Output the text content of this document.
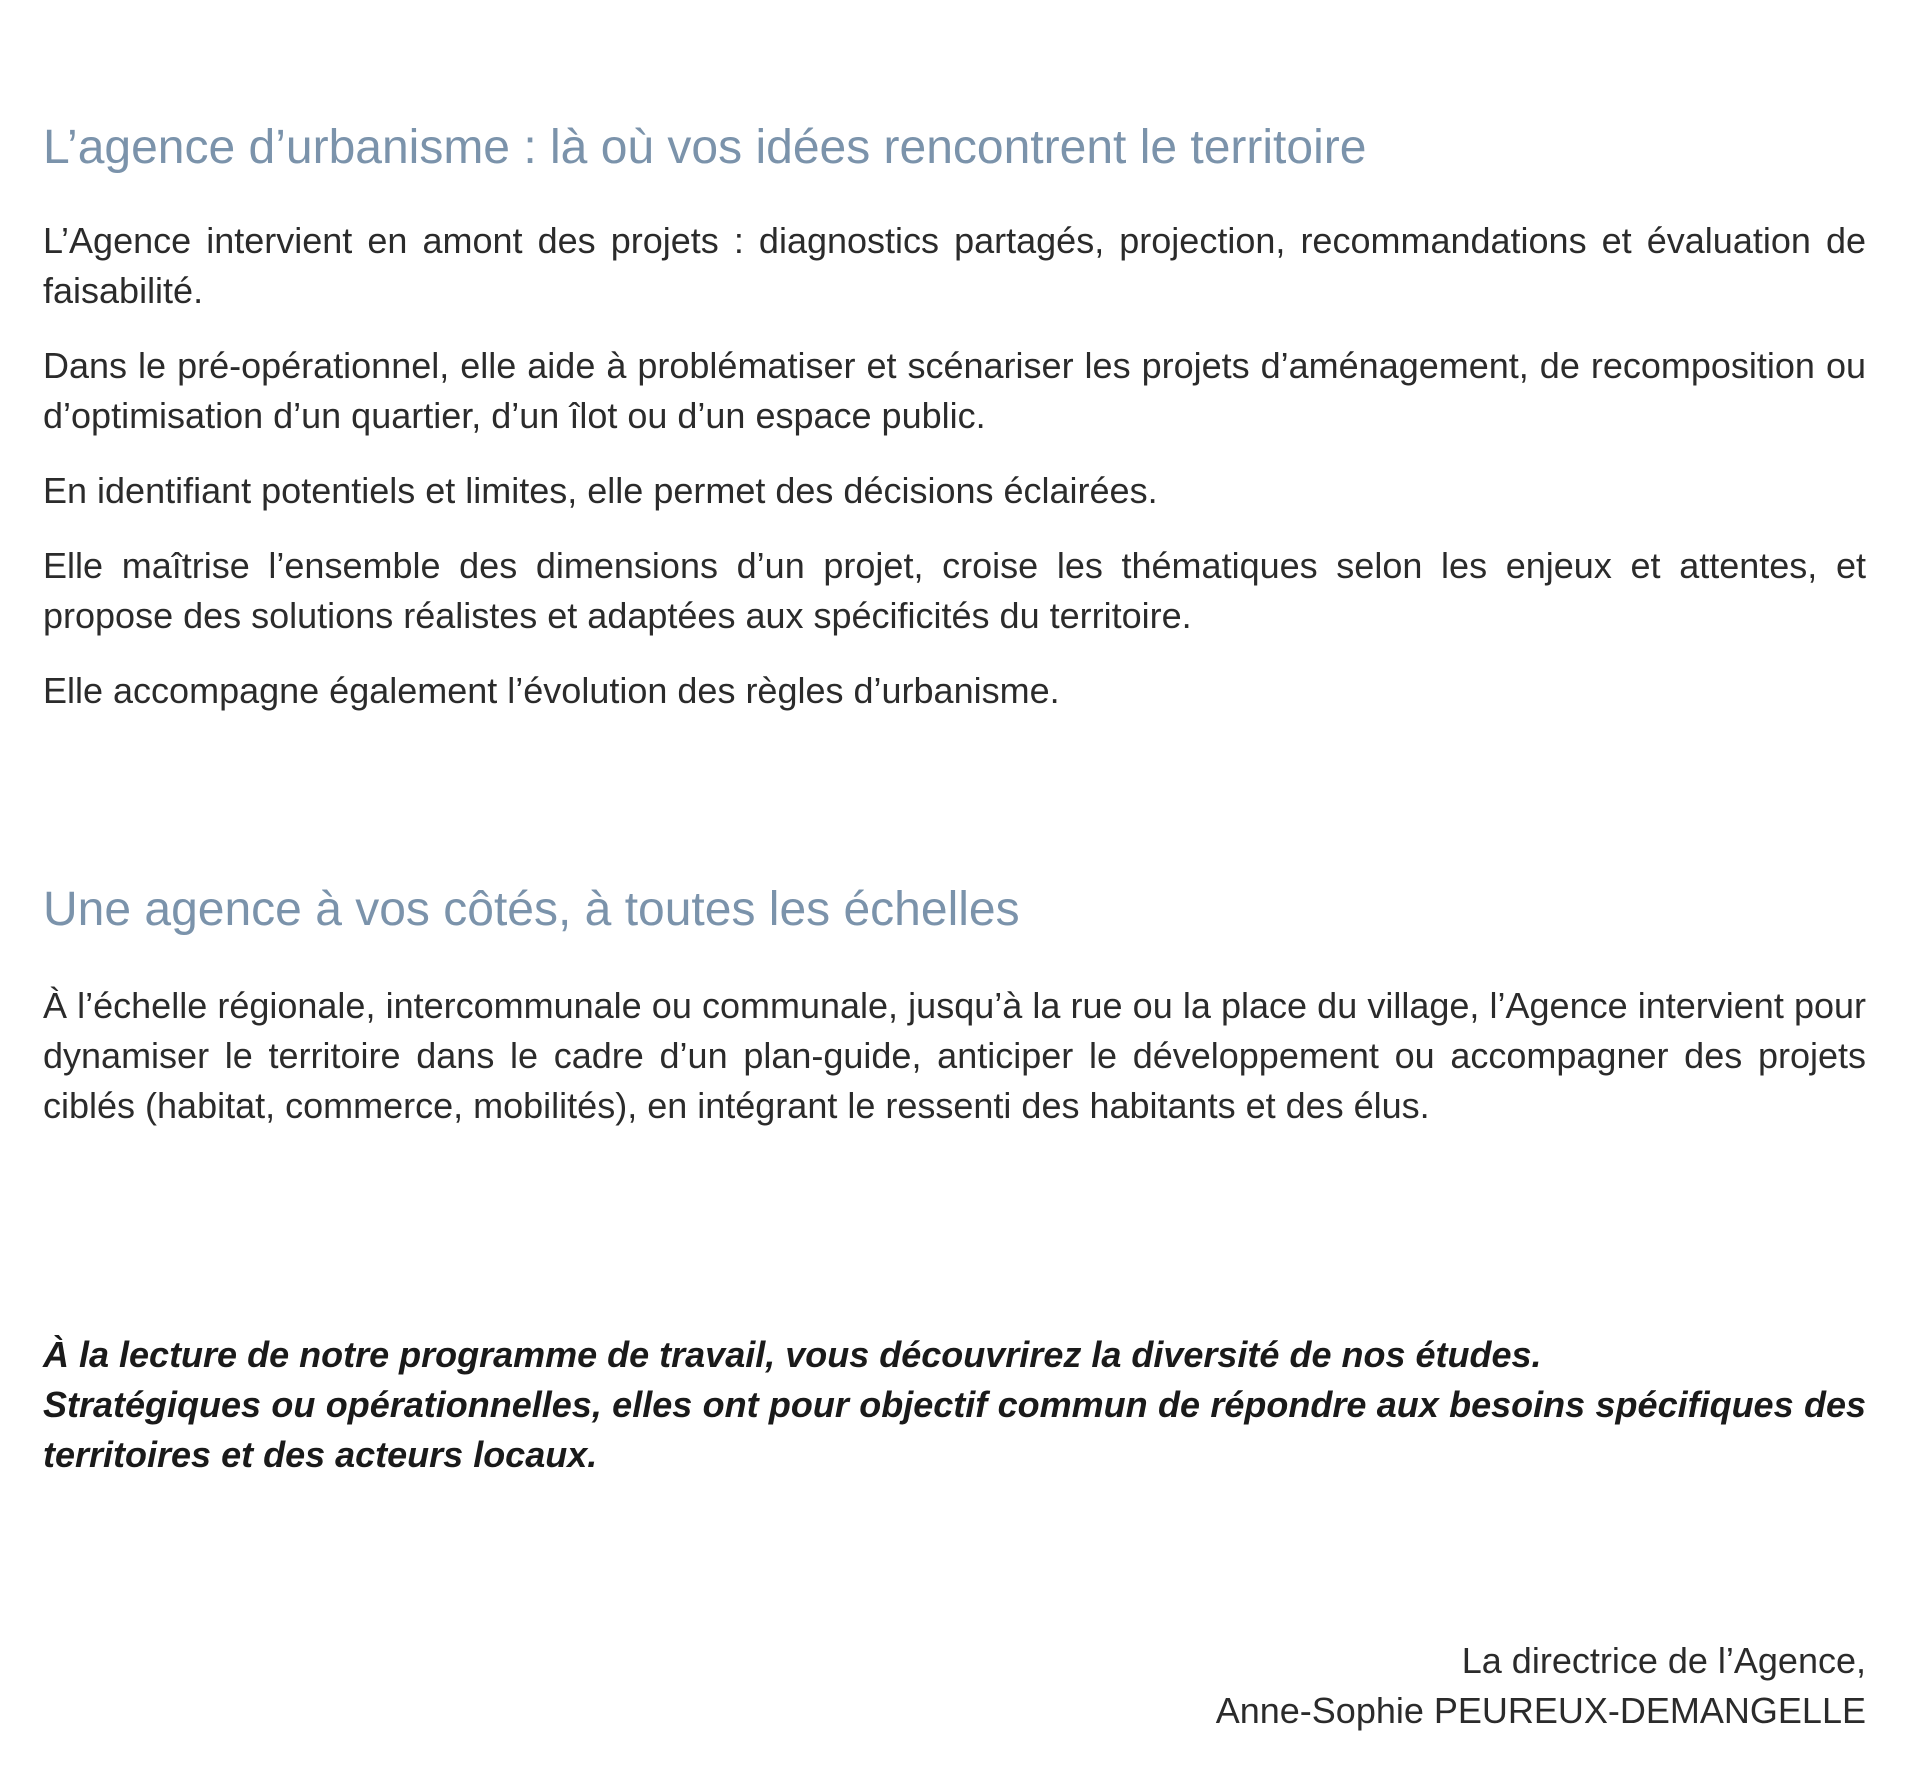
L’agence d’urbanisme : là où vos idées rencontrent le territoire

L’Agence intervient en amont des projets : diagnostics partagés, projection, recommandations et évaluation de faisabilité.

Dans le pré-opérationnel, elle aide à problématiser et scénariser les projets d’aménagement, de recomposition ou d’optimisation d’un quartier, d’un îlot ou d’un espace public.

En identifiant potentiels et limites, elle permet des décisions éclairées.

Elle maîtrise l’ensemble des dimensions d’un projet, croise les thématiques selon les enjeux et attentes, et propose des solutions réalistes et adaptées aux spécificités du territoire.

Elle accompagne également l’évolution des règles d’urbanisme.

Une agence à vos côtés, à toutes les échelles

À l’échelle régionale, intercommunale ou communale, jusqu’à la rue ou la place du village, l’Agence intervient pour dynamiser le territoire dans le cadre d’un plan-guide, anticiper le développement ou accompagner des projets ciblés (habitat, commerce, mobilités), en intégrant le ressenti des habitants et des élus.

À la lecture de notre programme de travail, vous découvrirez la diversité de nos études.

Stratégiques ou opérationnelles, elles ont pour objectif commun de répondre aux besoins spécifiques des territoires et des acteurs locaux.

La directrice de l’Agence,
Anne-Sophie PEUREUX-DEMANGELLE
